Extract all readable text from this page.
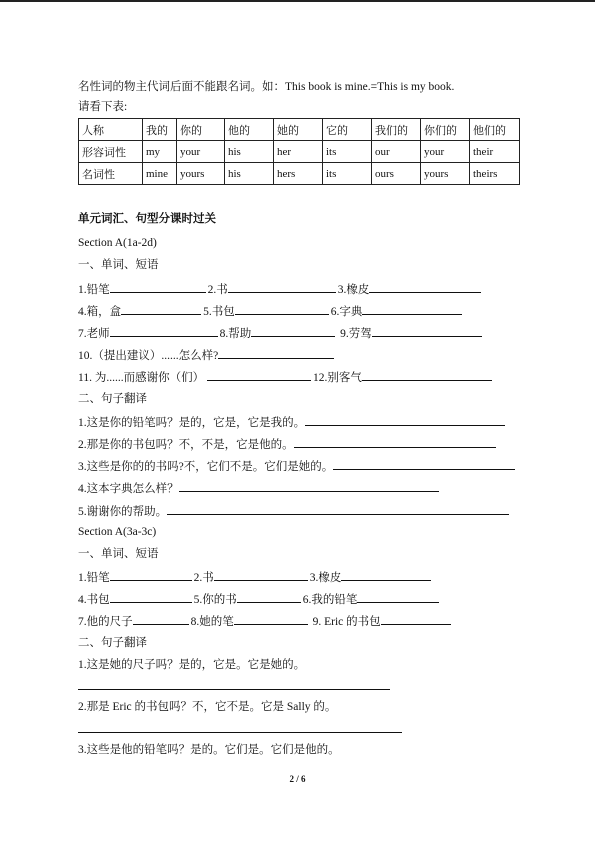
名性词的物主代词后面不能跟名词。如：This book is mine.=This is my book.
请看下表:
人称	我的	你的	他的	她的	它的	我们的	你们的	他们的
形容词性	my	your	his	her	its	our	your	their
名词性	mine	yours	his	hers	its	ours	yours	theirs
单元词汇、句型分课时过关
Section A(1a-2d)
一、单词、短语
1.铅笔	2.书	3.橡皮
4.箱，盒	5.书包	6.字典
7.老师	8.帮助	9.劳驾
10.（提出建议）......怎么样?
11. 为......而感谢你（们）	12.别客气
二、句子翻译
1.这是你的铅笔吗？是的，它是，它是我的。
2.那是你的书包吗？不，不是，它是他的。
3.这些是你的的书吗?不，它们不是。它们是她的。
4.这本字典怎么样？
5.谢谢你的帮助。
Section A(3a-3c)
一、单词、短语
1.铅笔	2.书	3.橡皮
4.书包	5.你的书	6.我的铅笔
7.他的尺子	8.她的笔	9. Eric 的书包
二、句子翻译
1.这是她的尺子吗？是的，它是。它是她的。
2.那是 Eric 的书包吗？不，它不是。它是 Sally 的。
3.这些是他的铅笔吗？是的。它们是。它们是他的。
2 / 6
